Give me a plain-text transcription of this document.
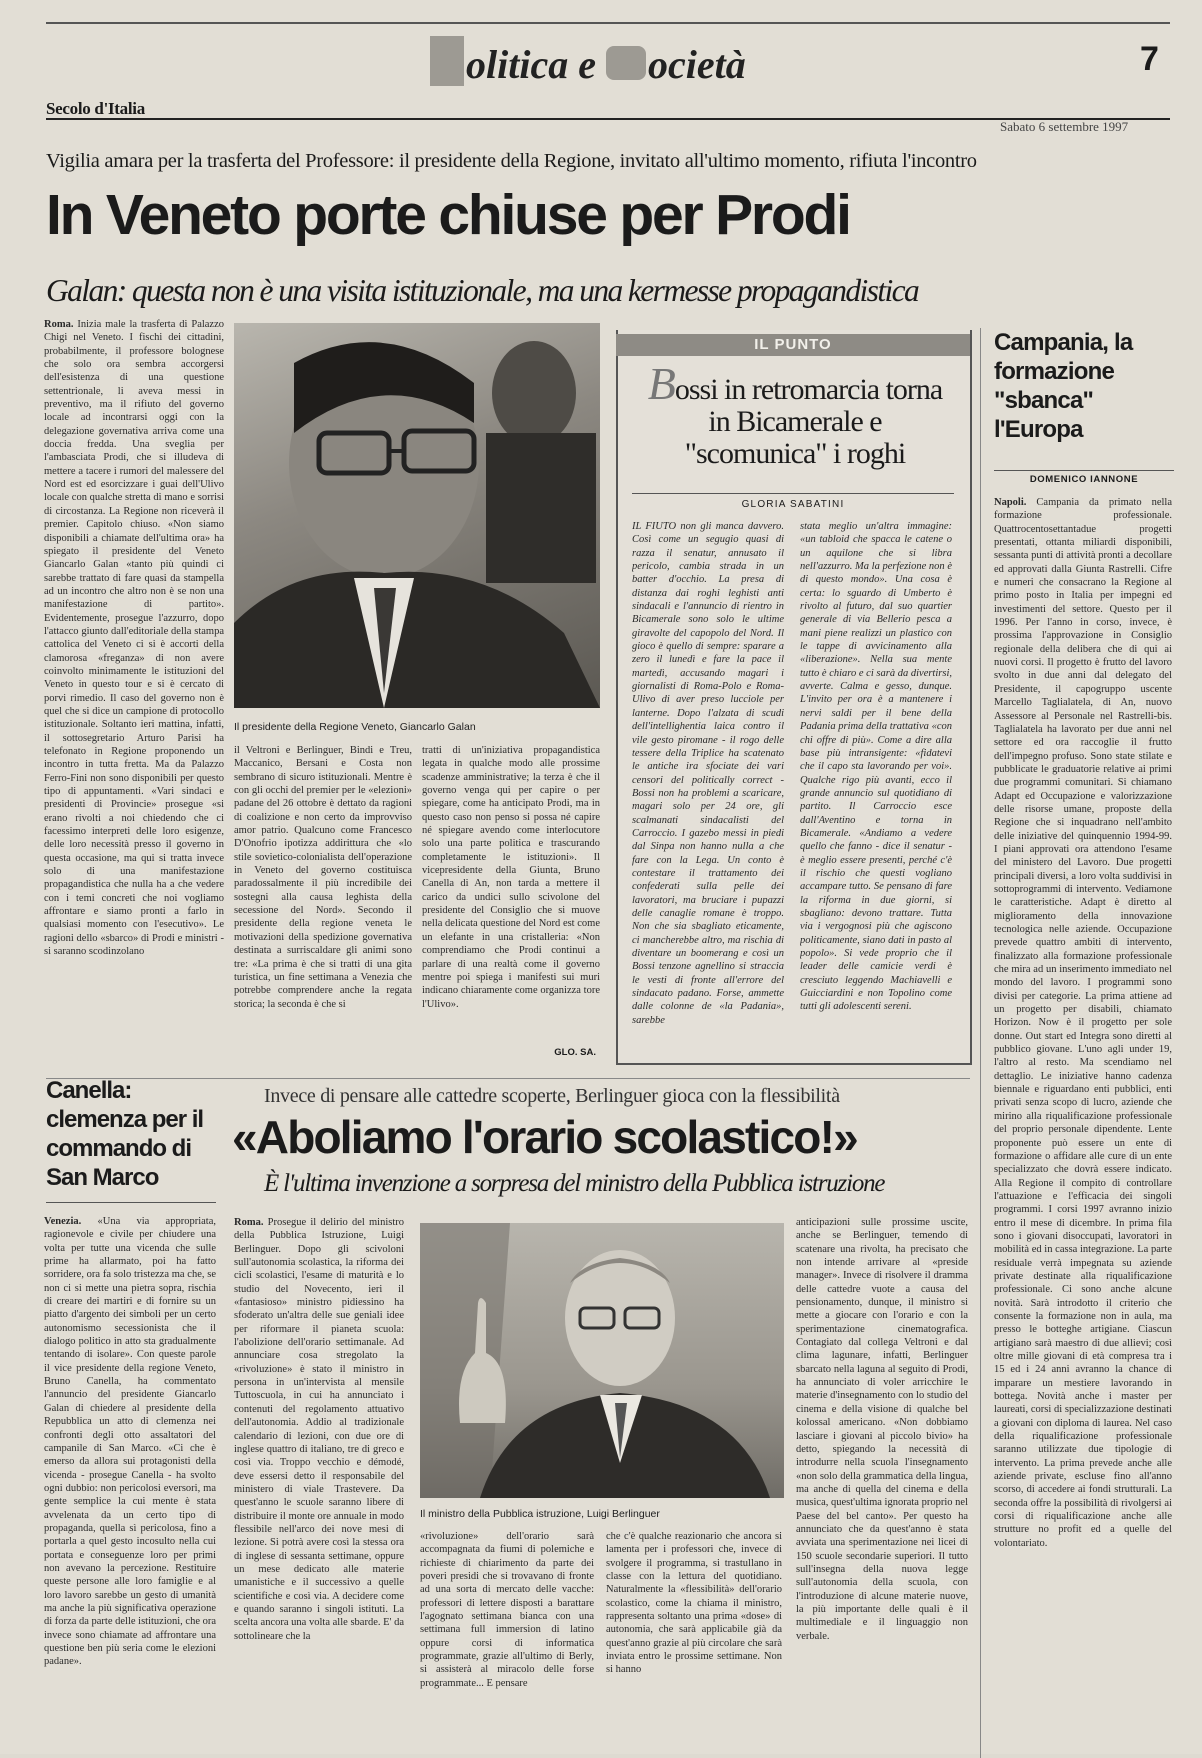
olitica e ocietà	7
Secolo d'Italia
Sabato 6 settembre 1997
Vigilia amara per la trasferta del Professore: il presidente della Regione, invitato all'ultimo momento, rifiuta l'incontro
In Veneto porte chiuse per Prodi
Galan: questa non è una visita istituzionale, ma una kermesse propagandistica
Roma. Inizia male la trasferta di Palazzo Chigi nel Veneto. I fischi dei cittadini, probabilmente, il professore bolognese che solo ora sembra accorgersi dell'esistenza di una questione settentrionale, li aveva messi in preventivo, ma il rifiuto del governo locale ad incontrarsi oggi con la delegazione governativa arriva come una doccia fredda. Una sveglia per l'ambasciata Prodi, che si illudeva di mettere a tacere i rumori del malessere del Nord est ed esorcizzare i guai dell'Ulivo locale con qualche stretta di mano e sorrisi di circostanza. La Regione non riceverà il premier. Capitolo chiuso. «Non siamo disponibili a chiamate dell'ultima ora» ha spiegato il presidente del Veneto Giancarlo Galan «tanto più quindi ci sarebbe trattato di fare quasi da stampella ad un incontro che altro non è se non una manifestazione di partito». Evidentemente, prosegue l'azzurro, dopo l'attacco giunto dall'editoriale della stampa cattolica del Veneto ci si è accorti della clamorosa «freganza» di non avere coinvolto minimamente le istituzioni del Veneto in questo tour e si è cercato di porvi rimedio. Il caso del governo non è quel che si dice un campione di protocollo istituzionale. Soltanto ieri mattina, infatti, il sottosegretario Arturo Parisi ha telefonato in Regione proponendo un incontro in tutta fretta. Ma da Palazzo Ferro-Fini non sono disponibili per questo tipo di appuntamenti. «Vari sindaci e presidenti di Provincie» prosegue «si erano rivolti a noi chiedendo che ci facessimo interpreti delle loro esigenze, delle loro necessità presso il governo in questa occasione, ma qui si tratta invece solo di una manifestazione propagandistica che nulla ha a che vedere con i temi concreti che noi vogliamo affrontare e siamo pronti a farlo in qualsiasi momento con l'esecutivo». Le ragioni dello «sbarco» di Prodi e ministri - si saranno scodinzolano
Il presidente della Regione Veneto, Giancarlo Galan
il Veltroni e Berlinguer, Bindi e Treu, Maccanico, Bersani e Costa non sembrano di sicuro istituzionali. Mentre è con gli occhi del premier per le «elezioni» padane del 26 ottobre è dettato da ragioni di coalizione e non certo da improvviso amor patrio. Qualcuno come Francesco D'Onofrio ipotizza addirittura che «lo stile sovietico-colonialista dell'operazione in Veneto del governo costituisca paradossalmente il più incredibile dei sostegni alla causa leghista della secessione del Nord». Secondo il presidente della regione veneta le motivazioni della spedizione governativa destinata a surriscaldare gli animi sono tre: «La prima è che si tratti di una gita turistica, un fine settimana a Venezia che potrebbe comprendere anche la regata storica; la seconda è che si
tratti di un'iniziativa propagandistica legata in qualche modo alle prossime scadenze amministrative; la terza è che il governo venga qui per capire o per spiegare, come ha anticipato Prodi, ma in questo caso non penso si possa né capire né spiegare avendo come interlocutore solo una parte politica e trascurando completamente le istituzioni». Il vicepresidente della Giunta, Bruno Canella di An, non tarda a mettere il carico da undici sullo scivolone del presidente del Consiglio che si muove nella delicata questione del Nord est come un elefante in una cristalleria: «Non comprendiamo che Prodi continui a parlare di una realtà come il governo mentre poi spiega i manifesti sui muri indicano chiaramente come organizza tore l'Ulivo».
IL PUNTO
Bossi in retromarcia torna in Bicamerale e "scomunica" i roghi
GLORIA SABATINI
IL FIUTO non gli manca davvero. Così come un segugio quasi di razza il senatur, annusato il pericolo, cambia strada in un batter d'occhio. La presa di distanza dai roghi leghisti anti sindacali e l'annuncio di rientro in Bicamerale sono solo le ultime giravolte del capopolo del Nord. Il gioco è quello di sempre: sparare a zero il lunedì e fare la pace il martedì, accusando magari i giornalisti di Roma-Polo e Roma-Ulivo di aver preso lucciole per lanterne. Dopo l'alzata di scudi dell'intellighentia laica contro il vile gesto piromane - il rogo delle tessere della Triplice ha scatenato le antiche ira sfociate dei vari censori del politically correct - Bossi non ha problemi a scaricare, magari solo per 24 ore, gli scalmanati sindacalisti del Carroccio. I gazebo messi in piedi dal Sinpa non hanno nulla a che fare con la Lega. Un conto è contestare il trattamento dei confederati sulla pelle dei lavoratori, ma bruciare i pupazzi delle canaglie romane è troppo. Non che sia sbagliato eticamente, ci mancherebbe altro, ma rischia di diventare un boomerang e così un Bossi tenzone agnellino si straccia le vesti di fronte all'errore del sindacato padano. Forse, ammette dalle colonne de «la Padania», sarebbe
stata meglio un'altra immagine: «un tabloid che spacca le catene o un aquilone che si libra nell'azzurro. Ma la perfezione non è di questo mondo». Una cosa è certa: lo sguardo di Umberto è rivolto al futuro, dal suo quartier generale di via Bellerio pesca a mani piene realizzi un plastico con le tappe di avvicinamento alla «liberazione». Nella sua mente tutto è chiaro e ci sarà da divertirsi, avverte. Calma e gesso, dunque. L'invito per ora è a mantenere i nervi saldi per il bene della Padania prima della trattativa «con chi offre di più». Come a dire alla base più intransigente: «fidatevi che il capo sta lavorando per voi». Qualche rigo più avanti, ecco il grande annuncio sul quotidiano di partito. Il Carroccio esce dall'Aventino e torna in Bicamerale. «Andiamo a vedere quello che fanno - dice il senatur - è meglio essere presenti, perché c'è il rischio che questi vogliano accampare tutto. Se pensano di fare la riforma in due giorni, si sbagliano: devono trattare. Tutta via i vergognosi più che agiscono politicamente, siano dati in pasto al popolo». Si vede proprio che il leader delle camicie verdi è cresciuto leggendo Machiavelli e Guicciardini e non Topolino come tutti gli adolescenti sereni.
GLO. SA.
Campania, la formazione "sbanca" l'Europa
DOMENICO IANNONE
Napoli. Campania da primato nella formazione professionale. Quattrocentosettantadue progetti presentati, ottanta miliardi disponibili, sessanta punti di attività pronti a decollare ed approvati dalla Giunta Rastrelli. Cifre e numeri che consacrano la Regione al primo posto in Italia per impegni ed investimenti del settore. Questo per il 1996. Per l'anno in corso, invece, è prossima l'approvazione in Consiglio regionale della delibera che di qui ai nuovi corsi. Il progetto è frutto del lavoro svolto in due anni dal delegato del Presidente, il capogruppo uscente Marcello Taglialatela, di An, nuovo Assessore al Personale nel Rastrelli-bis. Taglialatela ha lavorato per due anni nel settore ed ora raccoglie il frutto dell'impegno profuso. Sono state stilate e pubblicate le graduatorie relative ai primi due programmi comunitari. Si chiamano Adapt ed Occupazione e valorizzazione delle risorse umane, proposte della Regione che si inquadrano nell'ambito delle iniziative del quinquennio 1994-99. I piani approvati ora attendono l'esame del ministero del Lavoro. Due progetti principali diversi, a loro volta suddivisi in sottoprogrammi di intervento. Vediamone le caratteristiche. Adapt è diretto al miglioramento della innovazione tecnologica nelle aziende. Occupazione prevede quattro ambiti di intervento, finalizzato alla formazione professionale che mira ad un inserimento immediato nel mondo del lavoro. I programmi sono divisi per categorie. La prima attiene ad un progetto per disabili, chiamato Horizon. Now è il progetto per sole donne. Out start ed Integra sono diretti al pubblico giovane. L'uno agli under 19, l'altro al resto. Ma scendiamo nel dettaglio. Le iniziative hanno cadenza biennale e riguardano enti pubblici, enti privati senza scopo di lucro, aziende che mirino alla riqualificazione professionale del proprio personale dipendente. Lente proponente può essere un ente di formazione o affidare alle cure di un ente specializzato che dovrà essere indicato. Alla Regione il compito di controllare l'attuazione e l'efficacia dei singoli programmi. I corsi 1997 avranno inizio entro il mese di dicembre. In prima fila sono i giovani disoccupati, lavoratori in mobilità ed in cassa integrazione. La parte residuale verrà impegnata su aziende private destinate alla riqualificazione professionale. Ci sono anche alcune novità. Sarà introdotto il criterio che consente la formazione non in aula, ma presso le botteghe artigiane. Ciascun artigiano sarà maestro di due allievi; così oltre mille giovani di età compresa tra i 15 ed i 24 anni avranno la chance di imparare un mestiere lavorando in bottega. Novità anche i master per laureati, corsi di specializzazione destinati a giovani con diploma di laurea. Nel caso della riqualificazione professionale saranno utilizzate due tipologie di intervento. La prima prevede anche alle aziende private, escluse fino all'anno scorso, di accedere ai fondi strutturali. La seconda offre la possibilità di rivolgersi ai corsi di riqualificazione anche alle strutture no profit ed a quelle del volontariato.
Canella: clemenza per il commando di San Marco
Venezia. «Una via appropriata, ragionevole e civile per chiudere una volta per tutte una vicenda che sulle prime ha allarmato, poi ha fatto sorridere, ora fa solo tristezza ma che, se non ci si mette una pietra sopra, rischia di creare dei martiri e di fornire su un piatto d'argento dei simboli per un certo autonomismo secessionista che il dialogo politico in atto sta gradualmente tentando di isolare». Con queste parole il vice presidente della regione Veneto, Bruno Canella, ha commentato l'annuncio del presidente Giancarlo Galan di chiedere al presidente della Repubblica un atto di clemenza nei confronti degli otto assaltatori del campanile di San Marco. «Ci che è emerso da allora sui protagonisti della vicenda - prosegue Canella - ha svolto ogni dubbio: non pericolosi eversori, ma gente semplice la cui mente è stata avvelenata da un certo tipo di propaganda, quella sì pericolosa, fino a portarla a quel gesto incosulto nella cui portata e conseguenze loro per primi non avevano la percezione. Restituire queste persone alle loro famiglie e al loro lavoro sarebbe un gesto di umanità ma anche la più significativa operazione di forza da parte delle istituzioni, che ora invece sono chiamate ad affrontare una questione ben più seria come le elezioni padane».
Invece di pensare alle cattedre scoperte, Berlinguer gioca con la flessibilità
«Aboliamo l'orario scolastico!»
È l'ultima invenzione a sorpresa del ministro della Pubblica istruzione
Roma. Prosegue il delirio del ministro della Pubblica Istruzione, Luigi Berlinguer. Dopo gli scivoloni sull'autonomia scolastica, la riforma dei cicli scolastici, l'esame di maturità e lo studio del Novecento, ieri il «fantasioso» ministro pidiessino ha sfoderato un'altra delle sue geniali idee per riformare il pianeta scuola: l'abolizione dell'orario settimanale. Ad annunciare cosa stregolato la «rivoluzione» è stato il ministro in persona in un'intervista al mensile Tuttoscuola, in cui ha annunciato i contenuti del regolamento attuativo dell'autonomia. Addio al tradizionale calendario di lezioni, con due ore di inglese quattro di italiano, tre di greco e così via. Troppo vecchio e démodé, deve essersi detto il responsabile del ministero di viale Trastevere. Da quest'anno le scuole saranno libere di distribuire il monte ore annuale in modo flessibile nell'arco dei nove mesi di lezione. Si potrà avere così la stessa ora di inglese di sessanta settimane, oppure un mese dedicato alle materie umanistiche e il successivo a quelle scientifiche e così via. A decidere come e quando saranno i singoli istituti. La scelta ancora una volta alle sbarde. E' da sottolineare che la
Il ministro della Pubblica istruzione, Luigi Berlinguer
«rivoluzione» dell'orario sarà accompagnata da fiumi di polemiche e richieste di chiarimento da parte dei poveri presidi che si trovavano di fronte ad una sorta di mercato delle vacche: professori di lettere disposti a barattare l'agognato settimana bianca con una settimana full immersion di latino oppure corsi di informatica programmate, grazie all'ultimo di Berly, si assisterà al miracolo delle forse programmate... E pensare
che c'è qualche reazionario che ancora si lamenta per i professori che, invece di svolgere il programma, si trastullano in classe con la lettura del quotidiano. Naturalmente la «flessibilità» dell'orario scolastico, come la chiama il ministro, rappresenta soltanto una prima «dose» di autonomia, che sarà applicabile già da quest'anno grazie al più circolare che sarà inviata entro le prossime settimane. Non si hanno
anticipazioni sulle prossime uscite, anche se Berlinguer, temendo di scatenare una rivolta, ha precisato che non intende arrivare al «preside manager». Invece di risolvere il dramma delle cattedre vuote a causa del pensionamento, dunque, il ministro si mette a giocare con l'orario e con la sperimentazione cinematografica. Contagiato dal collega Veltroni e dal clima lagunare, infatti, Berlinguer sbarcato nella laguna al seguito di Prodi, ha annunciato di voler arricchire le materie d'insegnamento con lo studio del cinema e della visione di qualche bel kolossal americano. «Non dobbiamo lasciare i giovani al piccolo bivio» ha detto, spiegando la necessità di introdurre nella scuola l'insegnamento «non solo della grammatica della lingua, ma anche di quella del cinema e della musica, quest'ultima ignorata proprio nel Paese del bel canto». Per questo ha annunciato che da quest'anno è stata avviata una sperimentazione nei licei di 150 scuole secondarie superiori. Il tutto sull'insegna della nuova legge sull'autonomia della scuola, con l'introduzione di alcune materie nuove, la più importante delle quali è il multimediale e il linguaggio non verbale.
